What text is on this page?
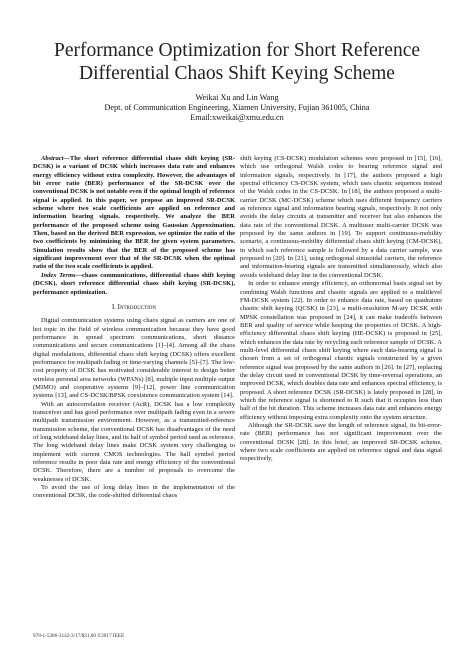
Performance Optimization for Short Reference Differential Chaos Shift Keying Scheme
Weikai Xu and Lin Wang
Dept. of Communication Engineering, Xiamen University, Fujian 361005, China
Email:xweikai@xmu.edu.cn

Abstract—The short reference differential chaos shift keying (SR-DCSK) is a variant of DCSK which increases data rate and enhances energy efficiency without extra complexity. However, the advantages of bit error ratio (BER) performance of the SR-DCSK over the conventional DCSK is not notable even if the optimal length of reference signal is applied. In this paper, we propose an improved SR-DCSK scheme where two scale coefficients are applied on reference and information bearing signals, respectively. We analyze the BER performance of the proposed scheme using Gaussian Approximation. Then, based on the derived BER expression, we optimize the ratio of the two coefficients by minimizing the BER for given system parameters. Simulation results show that the BER of the proposed scheme has significant improvement over that of the SR-DCSK when the optimal ratio of the two scale coefficients is applied.

Index Terms—chaos communications, differential chaos shift keying (DCSK), short reference differential chaos shift keying (SR-DCSK), performance optimization.

I. Introduction

Digital communication systems using chaos signal as carriers are one of hot topic in the field of wireless communication because they have good performance in spread spectrum communications, short distance communications and secure communications [1]–[4]. Among all the chaos digital modulations, differential chaos shift keying (DCSK) offers excellent performance for multipath fading or time-varying channels [5]–[7]. The low-cost property of DCSK has motivated considerable interest to design better wireless personal area networks (WPANs) [8], multiple input multiple output (MIMO) and cooperative systems [9]–[12], power line communication systems [13], and CS-DCSK/BPSK coexistence communication system [14].

With an autocorrelation receiver (AcR), DCSK has a low complexity transceiver and has good performance over multipath fading even in a severe multipath transmission environment. However, as a transmitted-reference transmission scheme, the conventional DCSK has disadvantages of the need of long wideband delay lines, and its half of symbol period used as reference. The long wideband delay lines make DCSK system very challenging to implement with current CMOS technologies. The half symbol period reference results in poor data rate and energy efficiency of the conventional DCSK. Therefore, there are a number of proposals to overcome the weaknesses of DCSK.

To avoid the use of long delay lines in the implementation of the conventional DCSK, the code-shifted differential chaos

shift keying (CS-DCSK) modulation schemes were proposed in [15], [16], which use orthogonal Walsh codes to bearing reference signal and information signals, respectively. In [17], the authors proposed a high spectral efficiency CS-DCSK system, which uses chaotic sequences instead of the Walsh codes in the CS-DCSK. In [18], the authors proposed a multi-carrier DCSK (MC-DCSK) scheme which uses different frequency carriers as reference signal and information bearing signals, respectively. It not only avoids the delay circuits at transmitter and receiver but also enhances the data rate of the conventional DCSK. A multiuser multi-carrier DCSK was proposed by the same authors in [19]. To support continuous-mobility scenario, a continuous-mobility differential chaos shift keying (CM-DCSK), in which each reference sample is followed by a data carrier sample, was proposed in [20]. In [21], using orthogonal sinusoidal carriers, the reference and information-bearing signals are transmitted simultaneously, which also avoids wideband delay line in the conventional DCSK.

In order to enhance energy efficiency, an orthonormal basis signal set by combining Walsh functions and chaotic signals are applied to a multilevel FM-DCSK system [22]. In order to enhance data rate, based on quadrature chaotic shift keying (QCSK) in [23], a multi-resolution M-ary DCSK with MPSK constellation was proposed in [24], it can make tradeoffs between BER and quality of service while keeping the properties of DCSK. A high-efficiency differential chaos shift keying (HE-DCSK) is proposed in [25], which enhances the data rate by recycling each reference sample of DCSK. A multi-level differential chaos shift keying where each data-bearing signal is chosen from a set of orthogonal chaotic signals constructed by a given reference signal was proposed by the same authors in [26]. In [27], replacing the delay circuit used in conventional DCSK by time-reversal operations, an improved DCSK, which doubles data rate and enhances spectral efficiency, is proposed. A short reference DCSK (SR-DCSK) is lately proposed in [28], in which the reference signal is shortened to R such that it occupies less than half of the bit duration. This scheme increases data rate and enhances energy efficiency without imposing extra complexity onto the system structure.

Although the SR-DCSK save the length of reference signal, its bit-error-rate (BER) performance has not significant improvement over the conventional DCSK [28]. In this brief, an improved SR-DCSK scheme, where two scale coefficients are applied on reference signal and data signal respectively,

978-1-5386-3142-3/17/$31.00 ©2017 IEEE
